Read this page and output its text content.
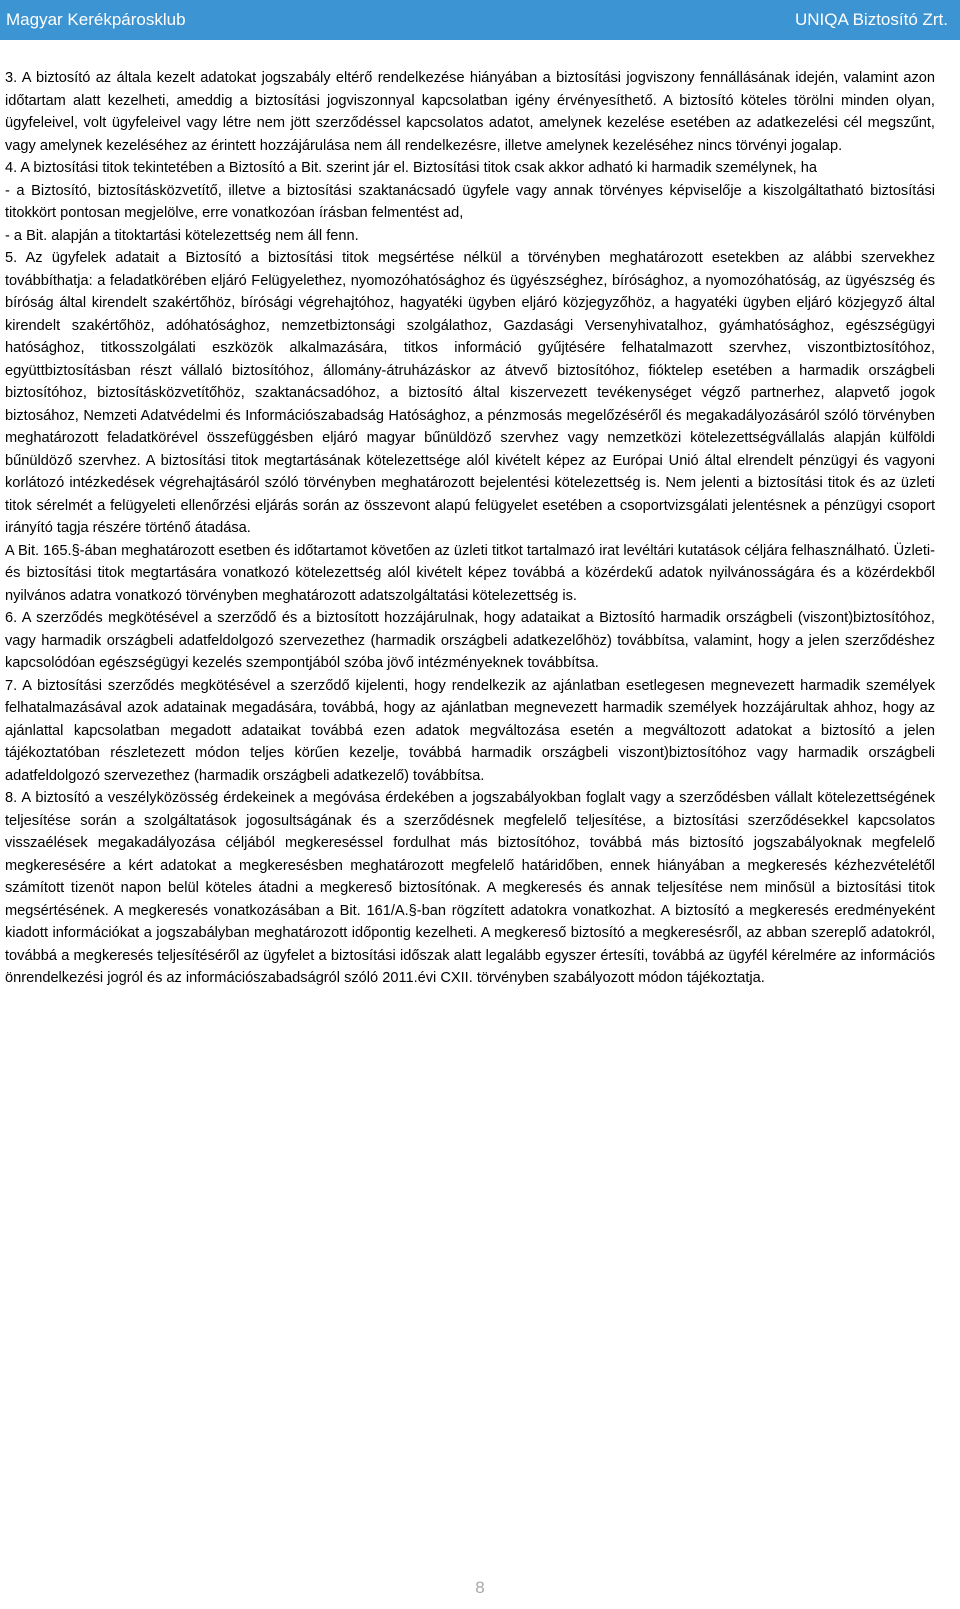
Magyar Kerékpárosklub	UNIQA Biztosító Zrt.

3. A biztosító az általa kezelt adatokat jogszabály eltérő rendelkezése hiányában a biztosítási jogviszony fennállásának idején, valamint azon időtartam alatt kezelheti, ameddig a biztosítási jogviszonnyal kapcsolatban igény érvényesíthető. A biztosító köteles törölni minden olyan, ügyfeleivel, volt ügyfeleivel vagy létre nem jött szerződéssel kapcsolatos adatot, amelynek kezelése esetében az adatkezelési cél megszűnt, vagy amelynek kezeléséhez az érintett hozzájárulása nem áll rendelkezésre, illetve amelynek kezeléséhez nincs törvényi jogalap.

4. A biztosítási titok tekintetében a Biztosító a Bit. szerint jár el. Biztosítási titok csak akkor adható ki harmadik személynek, ha

- a Biztosító, biztosításközvetítő, illetve a biztosítási szaktanácsadó ügyfele vagy annak törvényes képviselője a kiszolgáltatható biztosítási titokkört pontosan megjelölve, erre vonatkozóan írásban felmentést ad,

- a Bit. alapján a titoktartási kötelezettség nem áll fenn.

5. Az ügyfelek adatait a Biztosító a biztosítási titok megsértése nélkül a törvényben meghatározott esetekben az alábbi szervekhez továbbíthatja: a feladatkörében eljáró Felügyelethez, nyomozóhatósághoz és ügyészséghez, bírósághoz, a nyomozóhatóság, az ügyészség és bíróság által kirendelt szakértőhöz, bírósági végrehajtóhoz, hagyatéki ügyben eljáró közjegyzőhöz, a hagyatéki ügyben eljáró közjegyző által kirendelt szakértőhöz, adóhatósághoz, nemzetbiztonsági szolgálathoz, Gazdasági Versenyhivatalhoz, gyámhatósághoz, egészségügyi hatósághoz, titkosszolgálati eszközök alkalmazására, titkos információ gyűjtésére felhatalmazott szervhez, viszontbiztosítóhoz, együttbiztosításban részt vállaló biztosítóhoz, állomány-átruházáskor az átvevő biztosítóhoz, fióktelep esetében a harmadik országbeli biztosítóhoz, biztosításközvetítőhöz, szaktanácsadóhoz, a biztosító által kiszervezett tevékenységet végző partnerhez, alapvető jogok biztosához, Nemzeti Adatvédelmi és Információszabadság Hatósághoz, a pénzmosás megelőzéséről és megakadályozásáról szóló törvényben meghatározott feladatkörével összefüggésben eljáró magyar bűnüldöző szervhez vagy nemzetközi kötelezettségvállalás alapján külföldi bűnüldöző szervhez. A biztosítási titok megtartásának kötelezettsége alól kivételt képez az Európai Unió által elrendelt pénzügyi és vagyoni korlátozó intézkedések végrehajtásáról szóló törvényben meghatározott bejelentési kötelezettség is. Nem jelenti a biztosítási titok és az üzleti titok sérelmét a felügyeleti ellenőrzési eljárás során az összevont alapú felügyelet esetében a csoportvizsgálati jelentésnek a pénzügyi csoport irányító tagja részére történő átadása.

A Bit. 165.§-ában meghatározott esetben és időtartamot követően az üzleti titkot tartalmazó irat levéltári kutatások céljára felhasználható. Üzleti- és biztosítási titok megtartására vonatkozó kötelezettség alól kivételt képez továbbá a közérdekű adatok nyilvánosságára és a közérdekből nyilvános adatra vonatkozó törvényben meghatározott adatszolgáltatási kötelezettség is.

6. A szerződés megkötésével a szerződő és a biztosított hozzájárulnak, hogy adataikat a Biztosító harmadik országbeli (viszont)biztosítóhoz, vagy harmadik országbeli adatfeldolgozó szervezethez (harmadik országbeli adatkezelőhöz) továbbítsa, valamint, hogy a jelen szerződéshez kapcsolódóan egészségügyi kezelés szempontjából szóba jövő intézményeknek továbbítsa.

7. A biztosítási szerződés megkötésével a szerződő kijelenti, hogy rendelkezik az ajánlatban esetlegesen megnevezett harmadik személyek felhatalmazásával azok adatainak megadására, továbbá, hogy az ajánlatban megnevezett harmadik személyek hozzájárultak ahhoz, hogy az ajánlattal kapcsolatban megadott adataikat továbbá ezen adatok megváltozása esetén a megváltozott adatokat a biztosító a jelen tájékoztatóban részletezett módon teljes körűen kezelje, továbbá harmadik országbeli viszont)biztosítóhoz vagy harmadik országbeli adatfeldolgozó szervezethez (harmadik országbeli adatkezelő) továbbítsa.

8. A biztosító a veszélyközösség érdekeinek a megóvása érdekében a jogszabályokban foglalt vagy a szerződésben vállalt kötelezettségének teljesítése során a szolgáltatások jogosultságának és a szerződésnek megfelelő teljesítése, a biztosítási szerződésekkel kapcsolatos visszaélések megakadályozása céljából megkereséssel fordulhat más biztosítóhoz, továbbá más biztosító jogszabályoknak megfelelő megkeresésére a kért adatokat a megkeresésben meghatározott megfelelő határidőben, ennek hiányában a megkeresés kézhezvételétől számított tizenöt napon belül köteles átadni a megkereső biztosítónak. A megkeresés és annak teljesítése nem minősül a biztosítási titok megsértésének. A megkeresés vonatkozásában a Bit. 161/A.§-ban rögzített adatokra vonatkozhat. A biztosító a megkeresés eredményeként kiadott információkat a jogszabályban meghatározott időpontig kezelheti. A megkereső biztosító a megkeresésről, az abban szereplő adatokról, továbbá a megkeresés teljesítéséről az ügyfelet a biztosítási időszak alatt legalább egyszer értesíti, továbbá az ügyfél kérelmére az információs önrendelkezési jogról és az információszabadságról szóló 2011.évi CXII. törvényben szabályozott módon tájékoztatja.

8
